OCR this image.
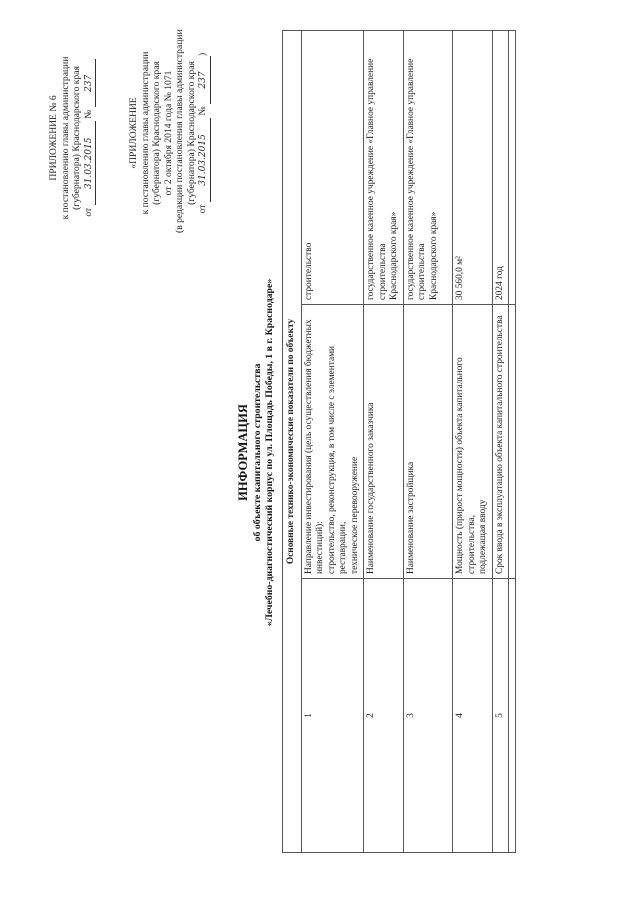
ПРИЛОЖЕНИЕ № 6 к постановлению главы администрации (губернатора) Краснодарского края
от 31.03.2015 № 237
«ПРИЛОЖЕНИЕ к постановлению главы администрации (губернатора) Краснодарского края от 2 октября 2014 года № 1071 (в редакции постановления главы администрации (губернатора) Краснодарского края
от 31.03.2015 № 237)
ИНФОРМАЦИЯ об объекте капитального строительства «Лечебно-диагностический корпус по ул. Площадь Победы, 1 в г. Краснодаре» Основные технико-экономические показатели по объекту		
1	Направление инвестирования (цель осуществления бюджетных инвестиций): строительство, реконструкция, в том числе с элементами реставрации, техническое перевооружение	строительство

2	Наименование государственного заказчика	государственное казенное учреждение «Главное управление строительства Краснодарского края»

3	Наименование застройщика	государственное казенное учреждение «Главное управление строительства Краснодарского края»

4	Мощность (прирост мощности) объекта капитального строительства, подлежащая вводу	30 560,0 м²

5	Срок ввода в эксплуатацию объекта капитального строительства	2024 год
